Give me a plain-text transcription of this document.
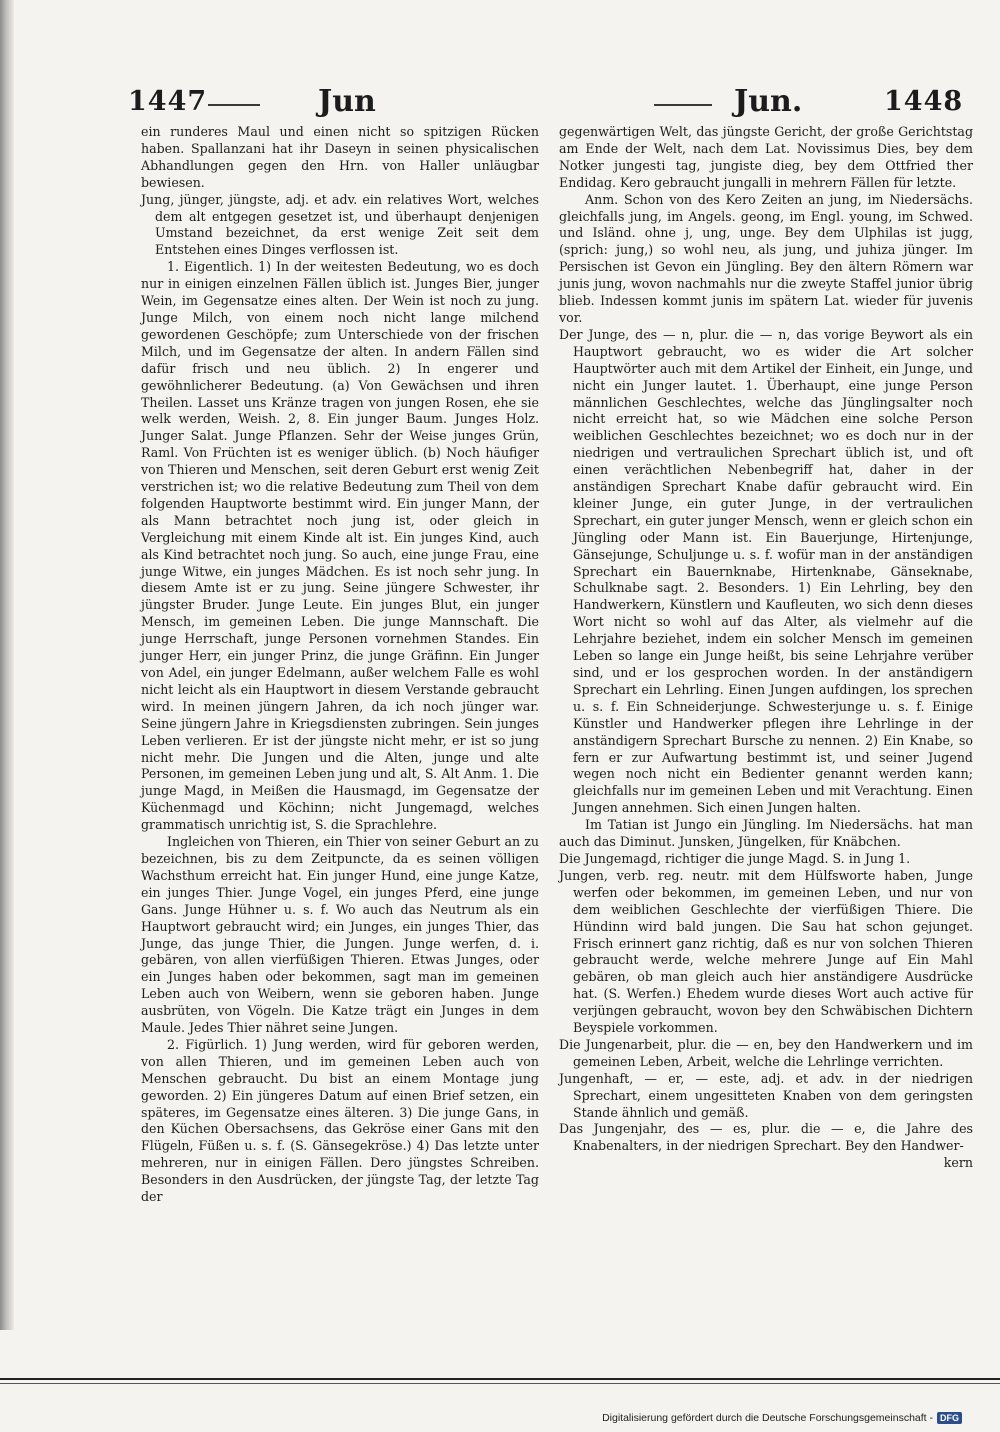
1447	Jun	Jun.	1448

ein runderes Maul und einen nicht so spitzigen Rücken haben. Spallanzani hat ihr Daseyn in seinen physicalischen Abhandlungen gegen den Hrn. von Haller unläugbar bewiesen.

Jung, jünger, jüngste, adj. et adv. ein relatives Wort, welches dem alt entgegen gesetzet ist, und überhaupt denjenigen Umstand bezeichnet, da erst wenige Zeit seit dem Entstehen eines Dinges verflossen ist.

1. Eigentlich. 1) In der weitesten Bedeutung, wo es doch nur in einigen einzelnen Fällen üblich ist. Junges Bier, junger Wein, im Gegensatze eines alten. Der Wein ist noch zu jung. Junge Milch, von einem noch nicht lange milchend gewordenen Geschöpfe; zum Unterschiede von der frischen Milch, und im Gegensatze der alten. In andern Fällen sind dafür frisch und neu üblich. 2) In engerer und gewöhnlicherer Bedeutung. (a) Von Gewächsen und ihren Theilen. Lasset uns Kränze tragen von jungen Rosen, ehe sie welk werden, Weish. 2, 8. Ein junger Baum. Junges Holz. Junger Salat. Junge Pflanzen. Sehr der Weise junges Grün, Raml. Von Früchten ist es weniger üblich. (b) Noch häufiger von Thieren und Menschen, seit deren Geburt erst wenig Zeit verstrichen ist; wo die relative Bedeutung zum Theil von dem folgenden Hauptworte bestimmt wird. Ein junger Mann, der als Mann betrachtet noch jung ist, oder gleich in Vergleichung mit einem Kinde alt ist. Ein junges Kind, auch als Kind betrachtet noch jung. So auch, eine junge Frau, eine junge Witwe, ein junges Mädchen. Es ist noch sehr jung. In diesem Amte ist er zu jung. Seine jüngere Schwester, ihr jüngster Bruder. Junge Leute. Ein junges Blut, ein junger Mensch, im gemeinen Leben. Die junge Mannschaft. Die junge Herrschaft, junge Personen vornehmen Standes. Ein junger Herr, ein junger Prinz, die junge Gräfinn. Ein Junger von Adel, ein junger Edelmann, außer welchem Falle es wohl nicht leicht als ein Hauptwort in diesem Verstande gebraucht wird. In meinen jüngern Jahren, da ich noch jünger war. Seine jüngern Jahre in Kriegsdiensten zubringen. Sein junges Leben verlieren. Er ist der jüngste nicht mehr, er ist so jung nicht mehr. Die Jungen und die Alten, junge und alte Personen, im gemeinen Leben jung und alt, S. Alt Anm. 1. Die junge Magd, in Meißen die Hausmagd, im Gegensatze der Küchenmagd und Köchinn; nicht Jungemagd, welches grammatisch unrichtig ist, S. die Sprachlehre.

Ingleichen von Thieren, ein Thier von seiner Geburt an zu bezeichnen, bis zu dem Zeitpuncte, da es seinen völligen Wachsthum erreicht hat. Ein junger Hund, eine junge Katze, ein junges Thier. Junge Vogel, ein junges Pferd, eine junge Gans. Junge Hühner u. s. f. Wo auch das Neutrum als ein Hauptwort gebraucht wird; ein Junges, ein junges Thier, das Junge, das junge Thier, die Jungen. Junge werfen, d. i. gebären, von allen vierfüßigen Thieren. Etwas Junges, oder ein Junges haben oder bekommen, sagt man im gemeinen Leben auch von Weibern, wenn sie geboren haben. Junge ausbrüten, von Vögeln. Die Katze trägt ein Junges in dem Maule. Jedes Thier nähret seine Jungen.

2. Figürlich. 1) Jung werden, wird für geboren werden, von allen Thieren, und im gemeinen Leben auch von Menschen gebraucht. Du bist an einem Montage jung geworden. 2) Ein jüngeres Datum auf einen Brief setzen, ein späteres, im Gegensatze eines älteren. 3) Die junge Gans, in den Küchen Obersachsens, das Gekröse einer Gans mit den Flügeln, Füßen u. s. f. (S. Gänsegekröse.) 4) Das letzte unter mehreren, nur in einigen Fällen. Dero jüngstes Schreiben. Besonders in den Ausdrücken, der jüngste Tag, der letzte Tag der

gegenwärtigen Welt, das jüngste Gericht, der große Gerichtstag am Ende der Welt, nach dem Lat. Novissimus Dies, bey dem Notker jungesti tag, jungiste dieg, bey dem Ottfried ther Endidag. Kero gebraucht jungalli in mehrern Fällen für letzte.

Anm. Schon von des Kero Zeiten an jung, im Niedersächs. gleichfalls jung, im Angels. geong, im Engl. young, im Schwed. und Isländ. ohne j, ung, unge. Bey dem Ulphilas ist jugg, (sprich: jung,) so wohl neu, als jung, und juhiza jünger. Im Persischen ist Gevon ein Jüngling. Bey den ältern Römern war junis jung, wovon nachmahls nur die zweyte Staffel junior übrig blieb. Indessen kommt junis im spätern Lat. wieder für juvenis vor.

Der Junge, des — n, plur. die — n, das vorige Beywort als ein Hauptwort gebraucht, wo es wider die Art solcher Hauptwörter auch mit dem Artikel der Einheit, ein Junge, und nicht ein Junger lautet. 1. Überhaupt, eine junge Person männlichen Geschlechtes, welche das Jünglingsalter noch nicht erreicht hat, so wie Mädchen eine solche Person weiblichen Geschlechtes bezeichnet; wo es doch nur in der niedrigen und vertraulichen Sprechart üblich ist, und oft einen verächtlichen Nebenbegriff hat, daher in der anständigen Sprechart Knabe dafür gebraucht wird. Ein kleiner Junge, ein guter Junge, in der vertraulichen Sprechart, ein guter junger Mensch, wenn er gleich schon ein Jüngling oder Mann ist. Ein Bauerjunge, Hirtenjunge, Gänsejunge, Schuljunge u. s. f. wofür man in der anständigen Sprechart ein Bauernknabe, Hirtenknabe, Gänseknabe, Schulknabe sagt. 2. Besonders. 1) Ein Lehrling, bey den Handwerkern, Künstlern und Kaufleuten, wo sich denn dieses Wort nicht so wohl auf das Alter, als vielmehr auf die Lehrjahre beziehet, indem ein solcher Mensch im gemeinen Leben so lange ein Junge heißt, bis seine Lehrjahre verüber sind, und er los gesprochen worden. In der anständigern Sprechart ein Lehrling. Einen Jungen aufdingen, los sprechen u. s. f. Ein Schneiderjunge. Schwesterjunge u. s. f. Einige Künstler und Handwerker pflegen ihre Lehrlinge in der anständigern Sprechart Bursche zu nennen. 2) Ein Knabe, so fern er zur Aufwartung bestimmt ist, und seiner Jugend wegen noch nicht ein Bedienter genannt werden kann; gleichfalls nur im gemeinen Leben und mit Verachtung. Einen Jungen annehmen. Sich einen Jungen halten.

Im Tatian ist Jungo ein Jüngling. Im Niedersächs. hat man auch das Diminut. Junsken, Jüngelken, für Knäbchen.

Die Jungemagd, richtiger die junge Magd. S. in Jung 1.

Jungen, verb. reg. neutr. mit dem Hülfsworte haben, Junge werfen oder bekommen, im gemeinen Leben, und nur von dem weiblichen Geschlechte der vierfüßigen Thiere. Die Hündinn wird bald jungen. Die Sau hat schon gejunget. Frisch erinnert ganz richtig, daß es nur von solchen Thieren gebraucht werde, welche mehrere Junge auf Ein Mahl gebären, ob man gleich auch hier anständigere Ausdrücke hat. (S. Werfen.) Ehedem wurde dieses Wort auch active für verjüngen gebraucht, wovon bey den Schwäbischen Dichtern Beyspiele vorkommen.

Die Jungenarbeit, plur. die — en, bey den Handwerkern und im gemeinen Leben, Arbeit, welche die Lehrlinge verrichten.

Jungenhaft, — er, — este, adj. et adv. in der niedrigen Sprechart, einem ungesitteten Knaben von dem geringsten Stande ähnlich und gemäß.

Das Jungenjahr, des — es, plur. die — e, die Jahre des Knabenalters, in der niedrigen Sprechart. Bey den Handwer-

kern

Digitalisierung gefördert durch die Deutsche Forschungsgemeinschaft - DFG
